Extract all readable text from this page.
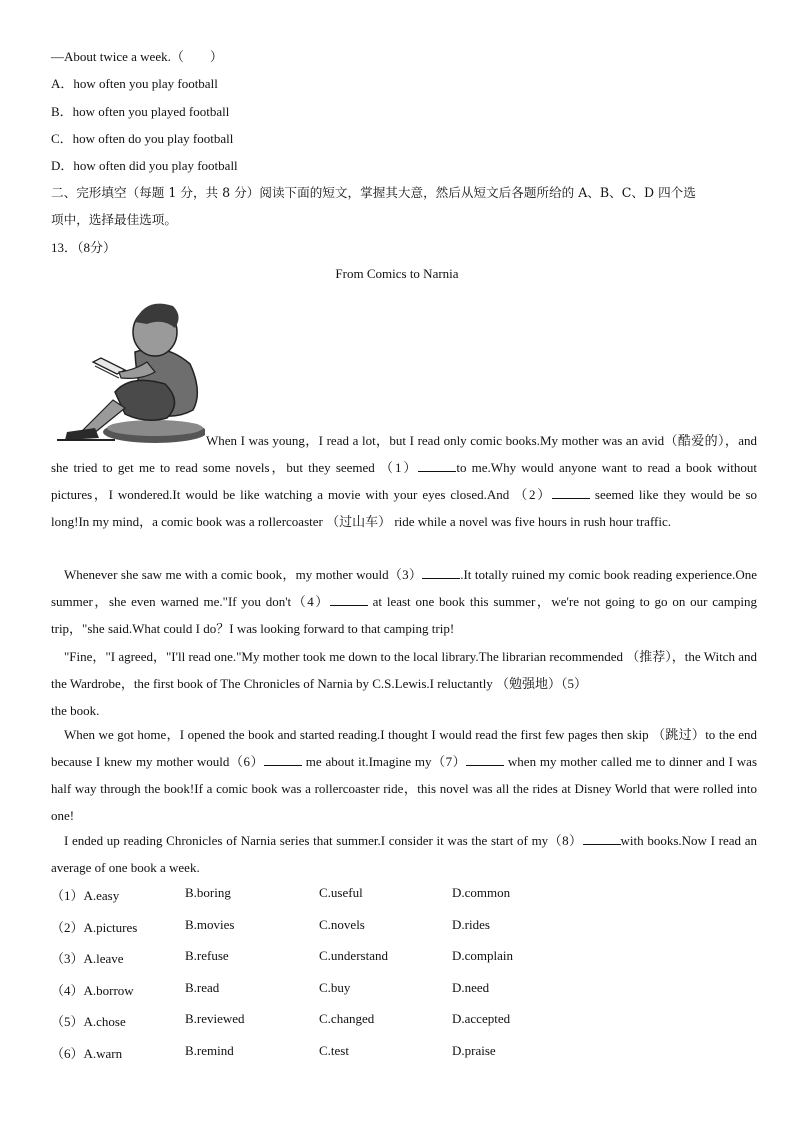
—About twice a week.（　　）
A．how often you play football
B．how often you played football
C．how often do you play football
D．how often did you play football
二、完形填空（每题 1 分，共 8 分）阅读下面的短文，掌握其大意，然后从短文后各题所给的 A、B、C、D 四个选
项中，选择最佳选项。
13．（8分）
From Comics to Narnia
When I was young，I read a lot，but I read only comic books.My mother was an avid（酷爱的），and she tried to get me to read some novels，but they seemed （1）	to me.Why would anyone want to read a book without pictures，I wondered.It would be like watching a movie with your eyes closed.And （2）	seemed like they would be so long!In my mind，a comic book was a rollercoaster （过山车） ride while a novel was five hours in rush hour traffic.
Whenever she saw me with a comic book，my mother would（3）	.It totally ruined my comic book reading experience.One summer，she even warned me."If you don't（4）	at least one book this summer，we're not going to go on our camping trip，"she said.What could I do？I was looking forward to that camping trip!
"Fine，"I agreed，"I'll read one."My mother took me down to the local library.The librarian recommended （推荐），the Witch and the Wardrobe，the first book of The Chronicles of Narnia by C.S.Lewis.I reluctantly （勉强地）（5）
the book.
When we got home，I opened the book and started reading.I thought I would read the first few pages then skip （跳过）to the end because I knew my mother would（6）	me about it.Imagine my（7）	when my mother called me to dinner and I was half way through the book!If a comic book was a rollercoaster ride，this novel was all the rides at Disney World that were rolled into one!
I ended up reading Chronicles of Narnia series that summer.I consider it was the start of my（8）	with books.Now I read an average of one book a week.
（1）A.easy	B.boring	C.useful	D.common
（2）A.pictures	B.movies	C.novels	D.rides
（3）A.leave	B.refuse	C.understand	D.complain
（4）A.borrow	B.read	C.buy	D.need
（5）A.chose	B.reviewed	C.changed	D.accepted
（6）A.warn	B.remind	C.test	D.praise
